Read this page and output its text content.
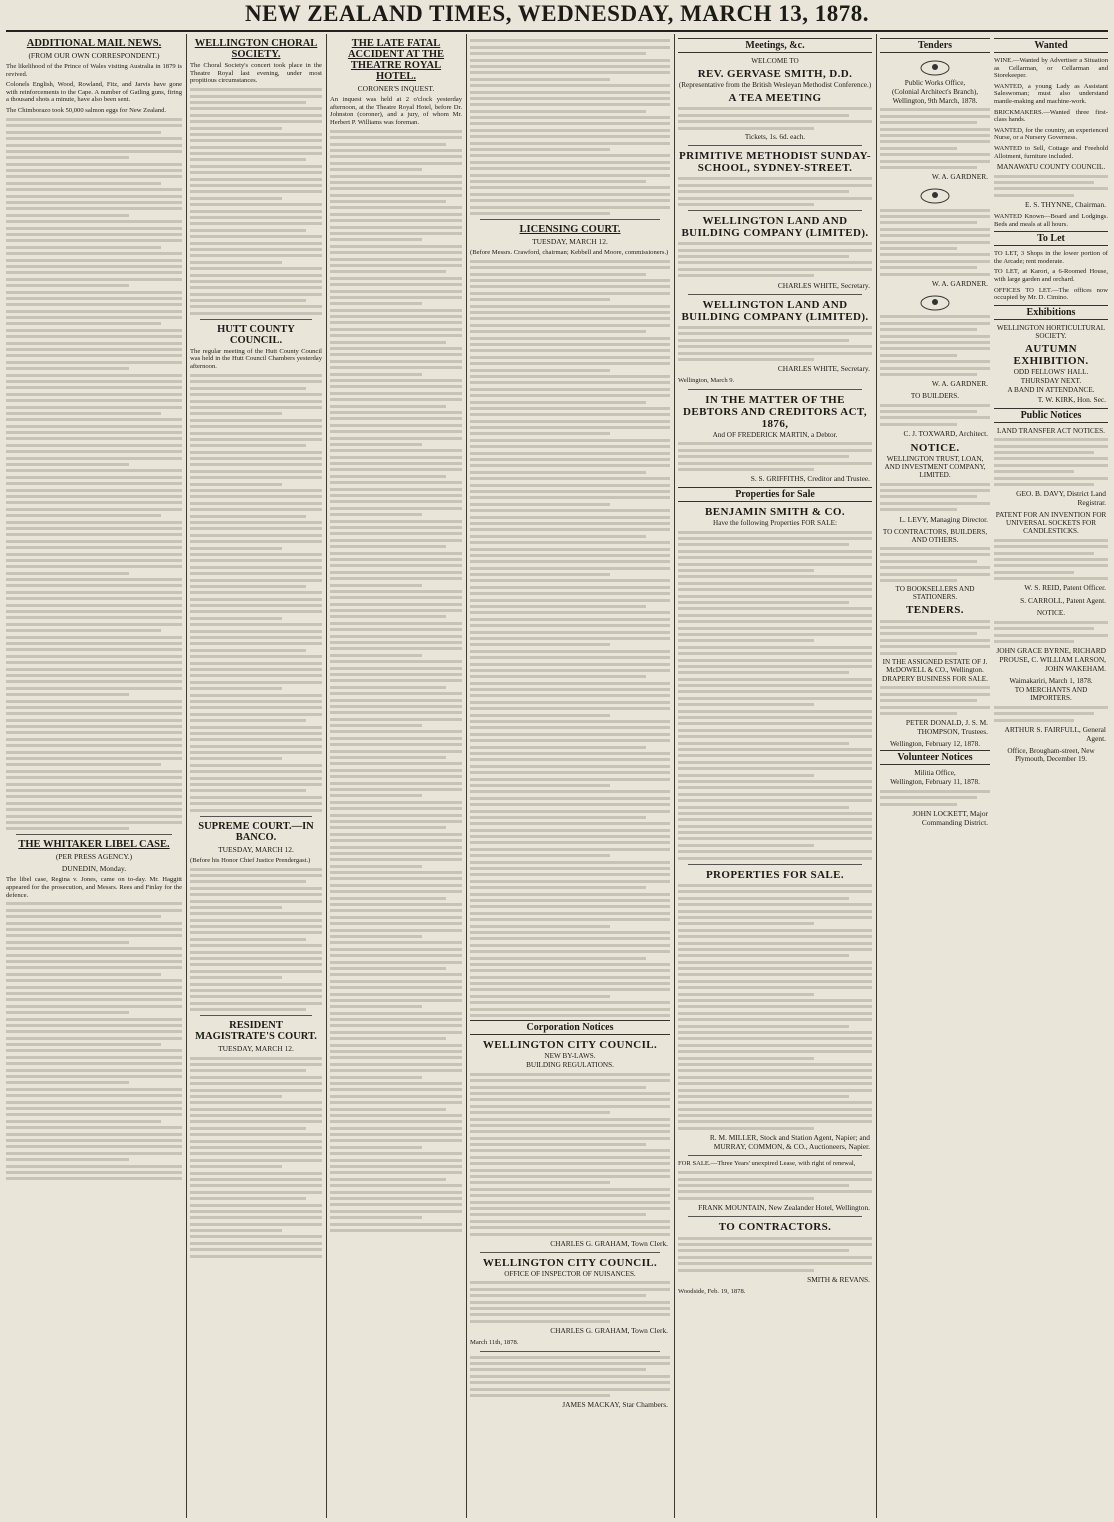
NEW ZEALAND TIMES, WEDNESDAY, MARCH 13, 1878.
ADDITIONAL MAIL NEWS.
(FROM OUR OWN CORRESPONDENT.)

The likelihood of the Prince of Wales visiting Australia in 1879 is revived.

Colonels English, Wood, Rowland, Fitz, and Jarvis have gone with reinforcements to the Cape. A number of Gatling guns, firing a thousand shots a minute, have also been sent.

The Chimborazo took 50,000 salmon eggs for New Zealand.

THE WHITAKER LIBEL CASE.
(PER PRESS AGENCY.)
DUNEDIN, Monday.

The libel case, Regina v. Jones, came on to-day. Mr. Haggitt appeared for the prosecution, and Messrs. Rees and Finlay for the defence.

WELLINGTON CHORAL SOCIETY.

The Choral Society's concert took place in the Theatre Royal last evening, under most propitious circumstances.

HUTT COUNTY COUNCIL.

The regular meeting of the Hutt County Council was held in the Hutt Council Chambers yesterday afternoon.

SUPREME COURT.—IN BANCO.
TUESDAY, MARCH 12.

(Before his Honor Chief Justice Prendergast.)

RESIDENT MAGISTRATE'S COURT.
TUESDAY, MARCH 12.
THE LATE FATAL ACCIDENT AT THE THEATRE ROYAL HOTEL.
CORONER'S INQUEST.

An inquest was held at 2 o'clock yesterday afternoon, at the Theatre Royal Hotel, before Dr. Johnston (coroner), and a jury, of whom Mr. Herbert P. Williams was foreman.

LICENSING COURT.
TUESDAY, MARCH 12.

(Before Messrs. Crawford, chairman; Kebbell and Moore, commissioners.)

Corporation Notices
WELLINGTON CITY COUNCIL.
NEW BY-LAWS.
BUILDING REGULATIONS.
CHARLES G. GRAHAM, Town Clerk.
WELLINGTON CITY COUNCIL.
OFFICE OF INSPECTOR OF NUISANCES.
CHARLES G. GRAHAM, Town Clerk.
March 11th, 1878.
JAMES MACKAY, Star Chambers.
Meetings, &c.
WELCOME TO
REV. GERVASE SMITH, D.D.
(Representative from the British Wesleyan Methodist Conference.)
A TEA MEETING
Tickets, 1s. 6d. each.
PRIMITIVE METHODIST SUNDAY-SCHOOL, SYDNEY-STREET.
WELLINGTON LAND AND BUILDING COMPANY (LIMITED).
CHARLES WHITE, Secretary.
WELLINGTON LAND AND BUILDING COMPANY (LIMITED).
CHARLES WHITE, Secretary.
Wellington, March 9.
IN THE MATTER OF THE DEBTORS AND CREDITORS ACT, 1876,
And OF FREDERICK MARTIN, a Debtor.
S. S. GRIFFITHS, Creditor and Trustee.
Properties for Sale
BENJAMIN SMITH & CO.
Have the following Properties FOR SALE:
PROPERTIES FOR SALE.
R. M. MILLER, Stock and Station Agent, Napier; and MURRAY, COMMON, & CO., Auctioneers, Napier.
FOR SALE.—Three Years' unexpired Lease, with right of renewal,
FRANK MOUNTAIN, New Zealander Hotel, Wellington.
TO CONTRACTORS.
SMITH & REVANS.
Woodside, Feb. 19, 1878.
Tenders
Public Works Office,
(Colonial Architect's Branch),
Wellington, 9th March, 1878.
W. A. GARDNER.
W. A. GARDNER.
W. A. GARDNER.
TO BUILDERS.
C. J. TOXWARD, Architect.
NOTICE.
WELLINGTON TRUST, LOAN, AND INVESTMENT COMPANY, LIMITED.
L. LEVY, Managing Director.
TO CONTRACTORS, BUILDERS, AND OTHERS.
TO BOOKSELLERS AND STATIONERS.
TENDERS.
IN THE ASSIGNED ESTATE OF J. McDOWELL & CO., Wellington.
DRAPERY BUSINESS FOR SALE.
PETER DONALD, J. S. M. THOMPSON, Trustees.
Wellington, February 12, 1878.
Volunteer Notices
Militia Office,
Wellington, February 11, 1878.
JOHN LOCKETT, Major Commanding District.
Wanted

WINE.—Wanted by Advertiser a Situation as Cellarman, or Cellarman and Storekeeper.

WANTED, a young Lady as Assistant Saleswoman; must also understand mantle-making and machine-work.

BRICKMAKERS.—Wanted three first-class hands.

WANTED, for the country, an experienced Nurse, or a Nursery Governess.

WANTED to Sell, Cottage and Freehold Allotment, furniture included.

MANAWATU COUNTY COUNCIL.
E. S. THYNNE, Chairman.

WANTED Known—Board and Lodgings. Beds and meals at all hours.

To Let

TO LET, 3 Shops in the lower portion of the Arcade; rent moderate.

TO LET, at Karori, a 6-Roomed House, with large garden and orchard.

OFFICES TO LET.—The offices now occupied by Mr. D. Cimino.

Exhibitions
WELLINGTON HORTICULTURAL SOCIETY.
AUTUMN EXHIBITION.
ODD FELLOWS' HALL.
THURSDAY NEXT.
A BAND IN ATTENDANCE.
T. W. KIRK, Hon. Sec.
Public Notices
LAND TRANSFER ACT NOTICES.
GEO. B. DAVY, District Land Registrar.
PATENT FOR AN INVENTION FOR UNIVERSAL SOCKETS FOR CANDLESTICKS.
W. S. REID, Patent Officer.
S. CARROLL, Patent Agent.
NOTICE.
JOHN GRACE BYRNE, RICHARD PROUSE, C. WILLIAM LARSON, JOHN WAKEHAM.
Waimakariri, March 1, 1878.
TO MERCHANTS AND IMPORTERS.
ARTHUR S. FAIRFULL, General Agent.
Office, Brougham-street, New Plymouth, December 19.
